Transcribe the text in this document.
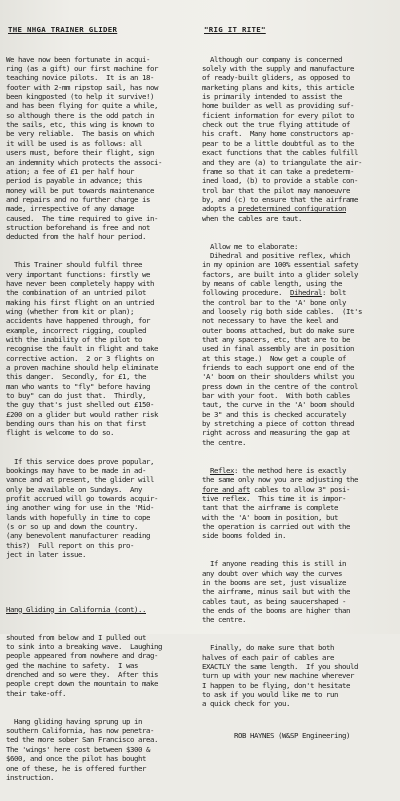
THE NHGA TRAINER GLIDER

We have now been fortunate in acqui-
ring (as a gift) our first machine for
teaching novice pilots.  It is an 18-
footer with 2-mm ripstop sail, has now
been kingposted (to help it survive!)
and has been flying for quite a while,
so although there is the odd patch in
the sails, etc, this wing is known to
be very reliable.  The basis on which
it will be used is as follows: all
users must, before their flight, sign
an indemnity which protects the associ-
ation; a fee of £1 per half hour
period is payable in advance; this
money will be put towards maintenance
and repairs and no further charge is
made, irrespective of any damage
caused.  The time required to give in-
struction beforehand is free and not
deducted from the half hour period.

This Trainer should fulfil three
very important functions: firstly we
have never been completely happy with
the combination of an untried pilot
making his first flight on an untried
wing (whether from kit or plan);
accidents have happened through, for
example, incorrect rigging, coupled
with the inability of the pilot to
recognise the fault in flight and take
corrective action.  2 or 3 flights on
a proven machine should help eliminate
this danger.  Secondly, for £1, the
man who wants to "fly" before having
to buy" can do just that.  Thirdly,
the guy that's just shelled out £150-
£200 on a glider but would rather risk
bending ours than his on that first
flight is welcome to do so.

If this service does prove popular,
bookings may have to be made in ad-
vance and at present, the glider will
only be available on Sundays.  Any
profit accrued will go towards acquir-
ing another wing for use in the 'Mid-
lands with hopefully in time to cope
(s or so up and down the country.
(any benevolent manufacturer reading
this?)  Full report on this pro-
ject in later issue.

Hang Gliding in California (cont)..

shouted from below and I pulled out
to sink into a breaking wave.  Laughing
people appeared from nowhere and drag-
ged the machine to safety.  I was
drenched and so were they.  After this
people crept down the mountain to make
their take-off.

Hang gliding having sprung up in
southern California, has now penetra-
ted the more sober San Francisco area.
The 'wings' here cost between $300 &
$600, and once the pilot has bought
one of these, he is offered further
instruction.

"RIG IT RITE"

Although our company is concerned
solely with the supply and manufacture
of ready-built gliders, as opposed to
marketing plans and kits, this article
is primarily intended to assist the
home builder as well as providing suf-
ficient information for every pilot to
check out the true flying attitude of
his craft.  Many home constructors ap-
pear to be a little doubtful as to the
exact functions that the cables fulfill
and they are (a) to triangulate the air-
frame so that it can take a predeterm-
ined load, (b) to provide a stable con-
trol bar that the pilot may manoeuvre
by, and (c) to ensure that the airframe
adopts a predetermined configuration
when the cables are taut.

Allow me to elaborate:
Dihedral and positive reflex, which
in my opinion are 100% essential safety
factors, are built into a glider solely
by means of cable length, using the
following procedure. Dihedral: bolt
the control bar to the 'A' bone only
and loosely rig both side cables.  (It's
not necessary to have the keel and
outer booms attached, but do make sure
that any spacers, etc, that are to be
used in final assembly are in position
at this stage.)  Now get a couple of
friends to each support one end of the
'A' boom on their shoulders whilst you
press down in the centre of the control
bar with your foot.  With both cables
taut, the curve in the 'A' boom should
be 3" and this is checked accurately
by stretching a piece of cotton thread
right across and measuring the gap at
the centre.

Reflex: the method here is exactly
the same only now you are adjusting the
fore and aft cables to allow 3" posi-
tive reflex.  This time it is impor-
tant that the airframe is complete
with the 'A' boom in position, but
the operation is carried out with the
side booms folded in.

If anyone reading this is still in
any doubt over which way the curves
in the booms are set, just visualize
the airframe, minus sail but with the
cables taut, as being saucershaped -
the ends of the booms are higher than
the centre.

Finally, do make sure that both
halves of each pair of cables are
EXACTLY the same length.  If you should
turn up with your new machine wherever
I happen to be flying, don't hesitate
to ask if you would like me to run
a quick check for you.

ROB HAYNES (W&SP Engineering)
